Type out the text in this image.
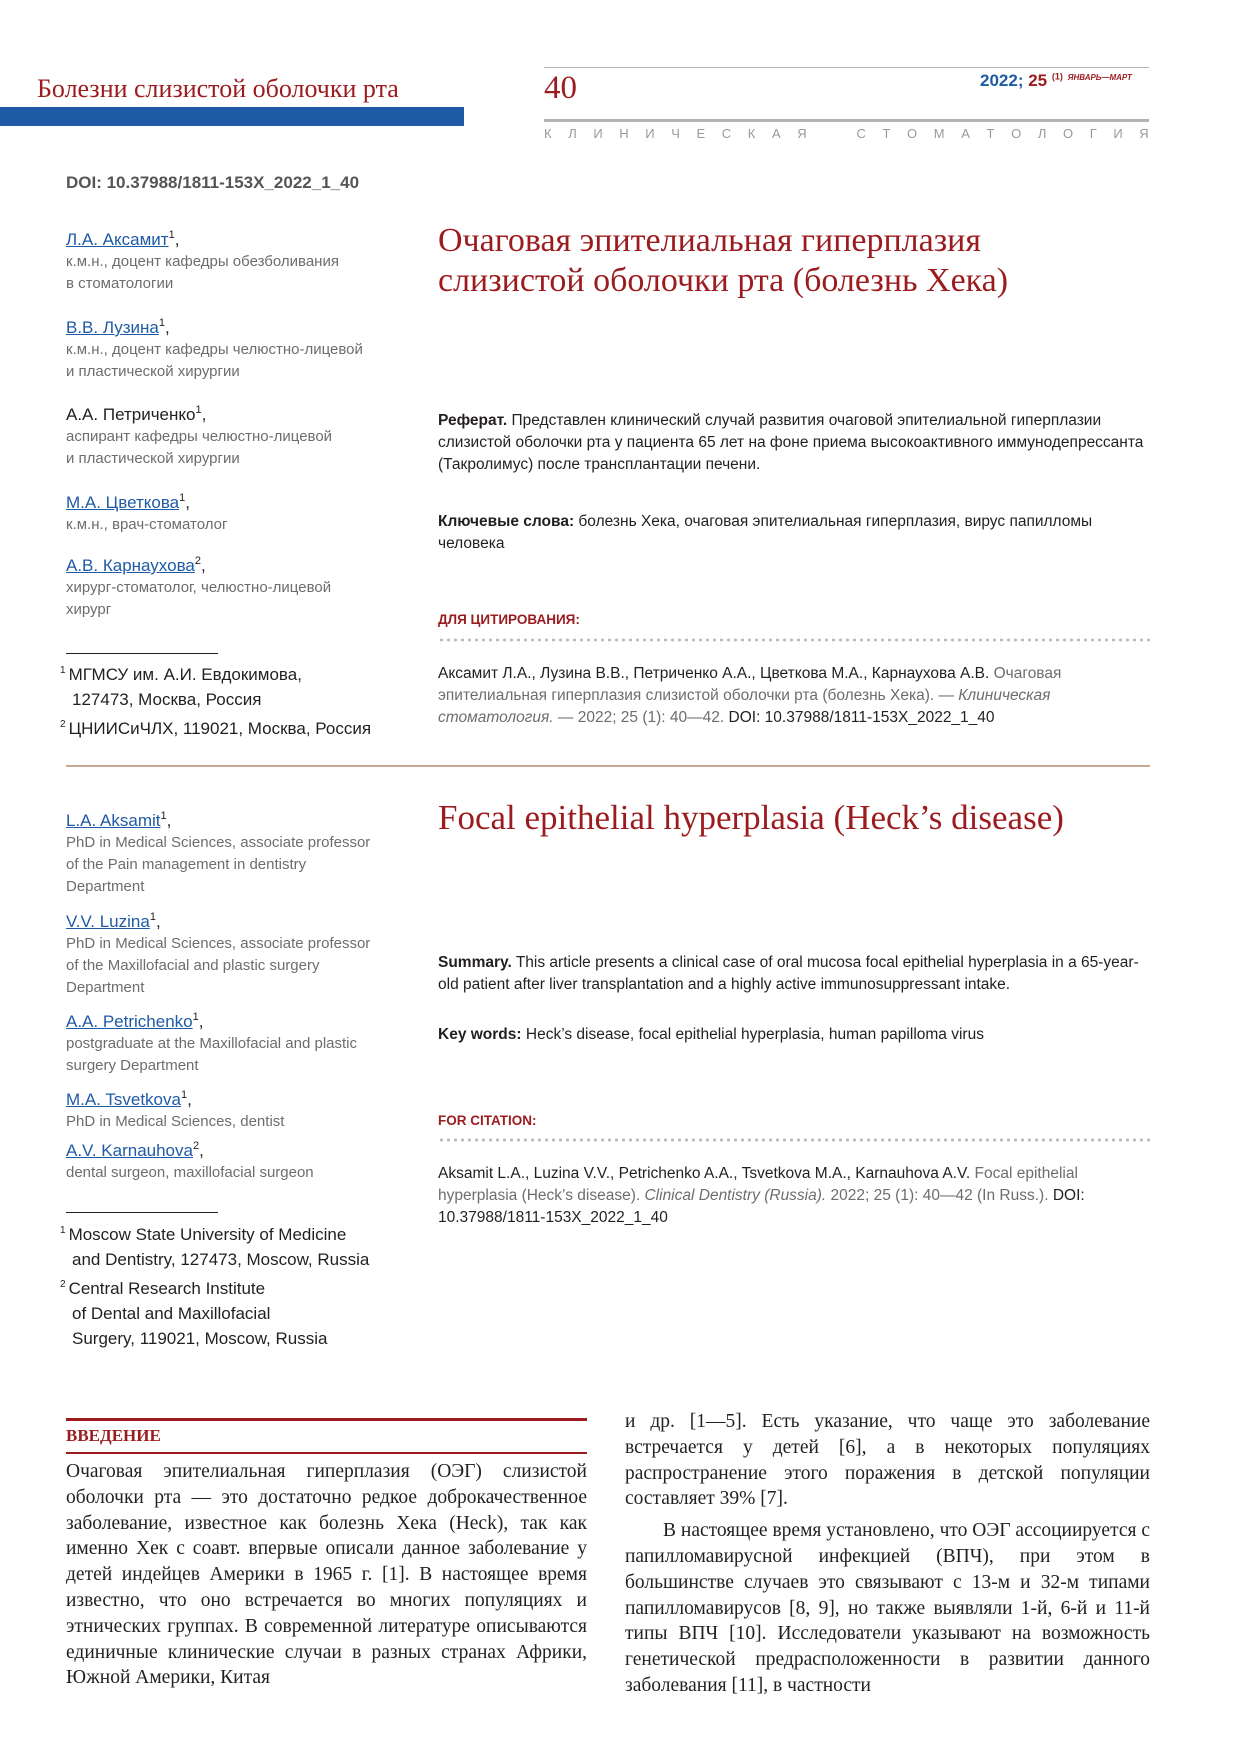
Болезни слизистой оболочки рта	40	2022; 25 $^{(1)}$ $^{ЯНВАРЬ—МАРТ}$
К Л И Н И Ч Е С К А Я	С Т О М А Т О Л О Г И Я
DOI: 10.37988/1811-153X_2022_1_40
Л.А. Аксамит$^1$,
к.м.н., доцент кафедры обезболивания
в стоматологии
В.В. Лузина$^1$,
к.м.н., доцент кафедры челюстно-лицевой
и пластической хирургии
А.А. Петриченко$^1$,
аспирант кафедры челюстно-лицевой
и пластической хирургии
М.А. Цветкова$^1$,
к.м.н., врач-стоматолог
А.В. Карнаухова$^2$,
хирург-стоматолог, челюстно-лицевой
хирург
$^1$ МГМСУ им. А.И. Евдокимова,
127473, Москва, Россия
$^2$ ЦНИИСиЧЛХ, 119021, Москва, Россия
Очаговая эпителиальная гиперплазия
слизистой оболочки рта (болезнь Хека)
Реферат. Представлен клинический случай развития очаговой эпителиальной гиперплазии слизистой оболочки рта у пациента 65 лет на фоне приема высокоактивного иммунодепрессанта (Такролимус) после трансплантации печени.
Ключевые слова: болезнь Хека, очаговая эпителиальная гиперплазия, вирус папилломы человека
ДЛЯ ЦИТИРОВАНИЯ:
Аксамит Л.А., Лузина В.В., Петриченко А.А., Цветкова М.А., Карнаухова А.В. Очаговая эпителиальная гиперплазия слизистой оболочки рта (болезнь Хека). — Клиническая стоматология. — 2022; 25 (1): 40—42. DOI: 10.37988/1811-153X_2022_1_40
L.A. Aksamit$^1$,
PhD in Medical Sciences, associate professor
of the Pain management in dentistry
Department
V.V. Luzina$^1$,
PhD in Medical Sciences, associate professor
of the Maxillofacial and plastic surgery
Department
A.A. Petrichenko$^1$,
postgraduate at the Maxillofacial and plastic
surgery Department
M.A. Tsvetkova$^1$,
PhD in Medical Sciences, dentist
A.V. Karnauhova$^2$,
dental surgeon, maxillofacial surgeon
$^1$ Moscow State University of Medicine
and Dentistry, 127473, Moscow, Russia
$^2$ Central Research Institute
of Dental and Maxillofacial
Surgery, 119021, Moscow, Russia
Focal epithelial hyperplasia (Heck’s disease)
Summary. This article presents a clinical case of oral mucosa focal epithelial hyperplasia in a 65-year-old patient after liver transplantation and a highly active immunosuppressant intake.
Key words: Heck’s disease, focal epithelial hyperplasia, human papilloma virus
FOR CITATION:
Aksamit L.A., Luzina V.V., Petrichenko A.A., Tsvetkova M.A., Karnauhova A.V. Focal epithelial hyperplasia (Heck’s disease). Clinical Dentistry (Russia). 2022; 25 (1): 40—42 (In Russ.). DOI: 10.37988/1811-153X_2022_1_40
ВВЕДЕНИЕ

Очаговая эпителиальная гиперплазия (ОЭГ) слизистой оболочки рта — это достаточно редкое доброкачественное заболевание, известное как болезнь Хека (Heck), так как именно Хек с соавт. впервые описали данное заболевание у детей индейцев Америки в 1965 г. [1]. В настоящее время известно, что оно встречается во многих популяциях и этнических группах. В современной литературе описываются единичные клинические случаи в разных странах Африки, Южной Америки, Китая

и др. [1—5]. Есть указание, что чаще это заболевание встречается у детей [6], а в некоторых популяциях распространение этого поражения в детской популяции составляет 39% [7].

В настоящее время установлено, что ОЭГ ассоциируется с папилломавирусной инфекцией (ВПЧ), при этом в большинстве случаев это связывают с 13-м и 32-м типами папилломавирусов [8, 9], но также выявляли 1-й, 6-й и 11-й типы ВПЧ [10]. Исследователи указывают на возможность генетической предрасположенности в развитии данного заболевания [11], в частности
